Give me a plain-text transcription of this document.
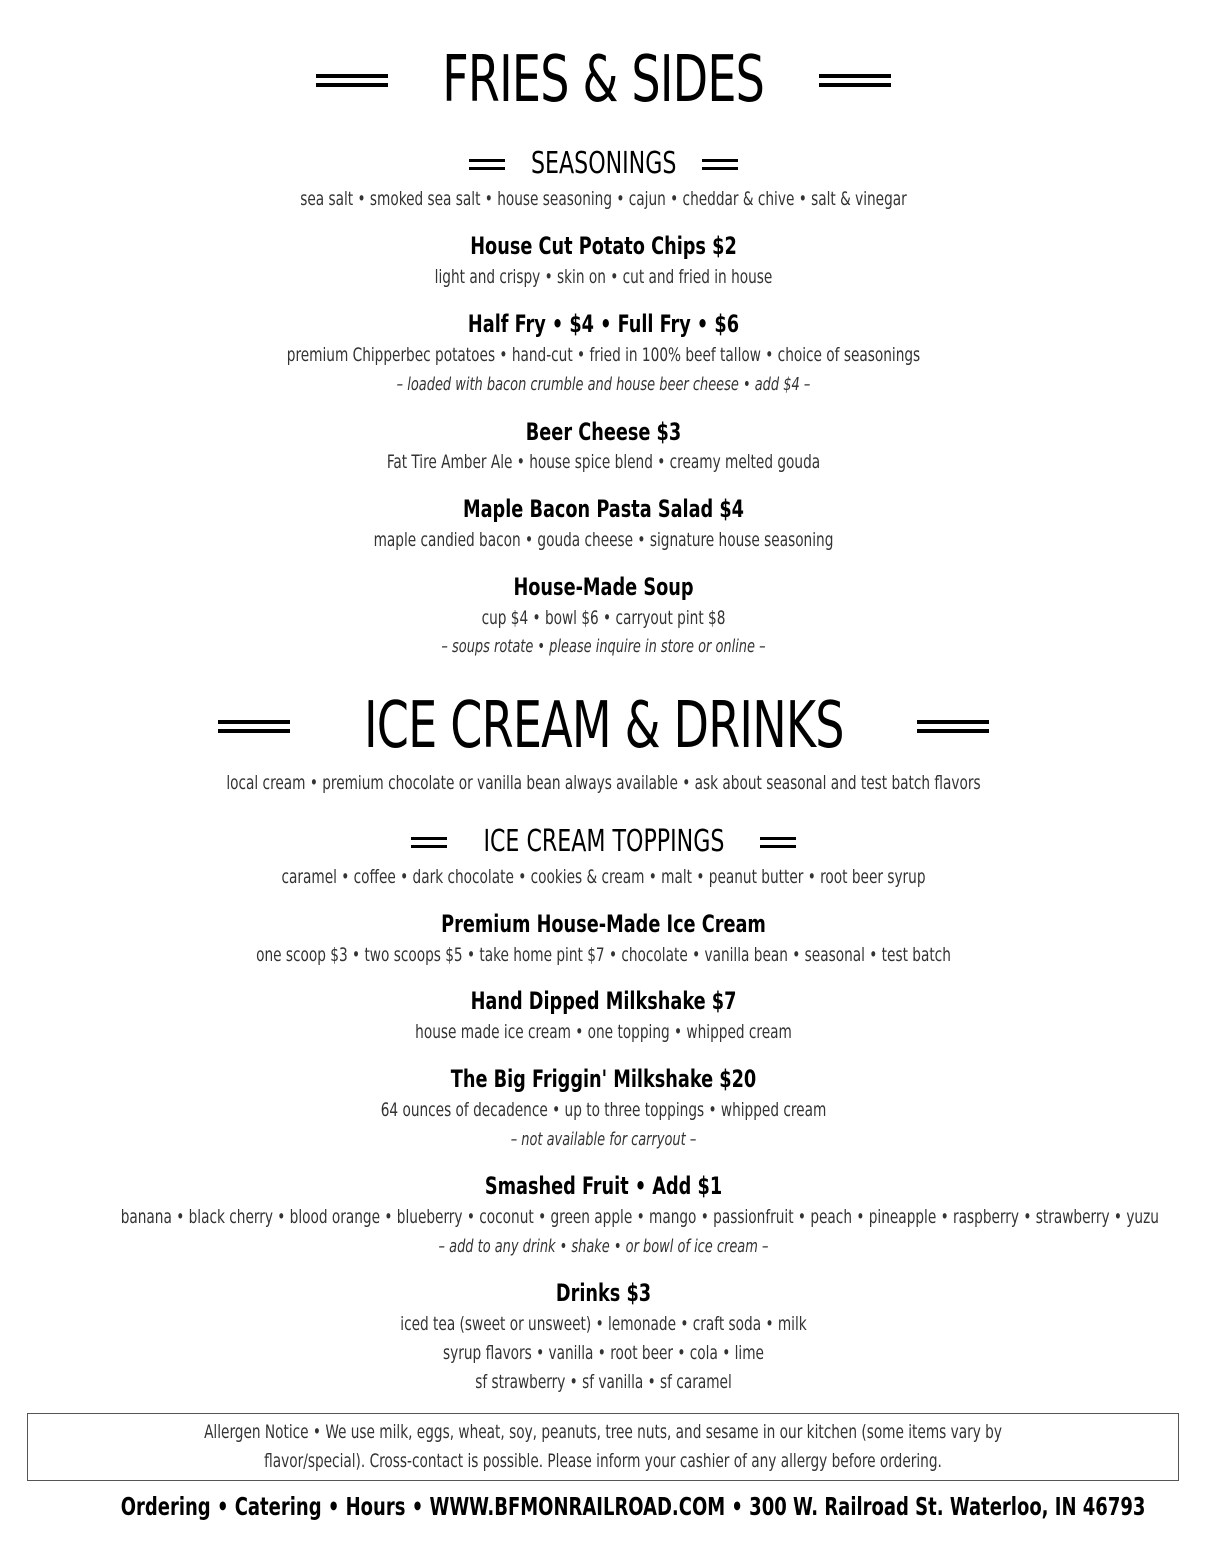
FRIES & SIDES
SEASONINGS

sea salt • smoked sea salt • house seasoning • cajun • cheddar & chive • salt & vinegar

House Cut Potato Chips $2

light and crispy • skin on • cut and fried in house

Half Fry • $4 • Full Fry • $6

premium Chipperbec potatoes • hand-cut • fried in 100% beef tallow • choice of seasonings

– loaded with bacon crumble and house beer cheese • add $4 –

Beer Cheese $3

Fat Tire Amber Ale • house spice blend • creamy melted gouda

Maple Bacon Pasta Salad $4

maple candied bacon • gouda cheese • signature house seasoning

House-Made Soup

cup $4 • bowl $6 • carryout pint $8

– soups rotate • please inquire in store or online –

ICE CREAM & DRINKS

local cream • premium chocolate or vanilla bean always available • ask about seasonal and test batch flavors

ICE CREAM TOPPINGS

caramel • coffee • dark chocolate • cookies & cream • malt • peanut butter • root beer syrup

Premium House-Made Ice Cream

one scoop $3 • two scoops $5 • take home pint $7 • chocolate • vanilla bean • seasonal • test batch

Hand Dipped Milkshake $7

house made ice cream • one topping • whipped cream

The Big Friggin' Milkshake $20

64 ounces of decadence • up to three toppings • whipped cream

– not available for carryout –

Smashed Fruit • Add $1

banana • black cherry • blood orange • blueberry • coconut • green apple • mango • passionfruit • peach • pineapple • raspberry • strawberry • yuzu

– add to any drink • shake • or bowl of ice cream –

Drinks $3

iced tea (sweet or unsweet) • lemonade • craft soda • milk

syrup flavors • vanilla • root beer • cola • lime

sf strawberry • sf vanilla • sf caramel

Allergen Notice • We use milk, eggs, wheat, soy, peanuts, tree nuts, and sesame in our kitchen (some items vary by flavor/special). Cross-contact is possible. Please inform your cashier of any allergy before ordering.

Ordering • Catering • Hours • WWW.BFMONRAILROAD.COM • 300 W. Railroad St. Waterloo, IN 46793
